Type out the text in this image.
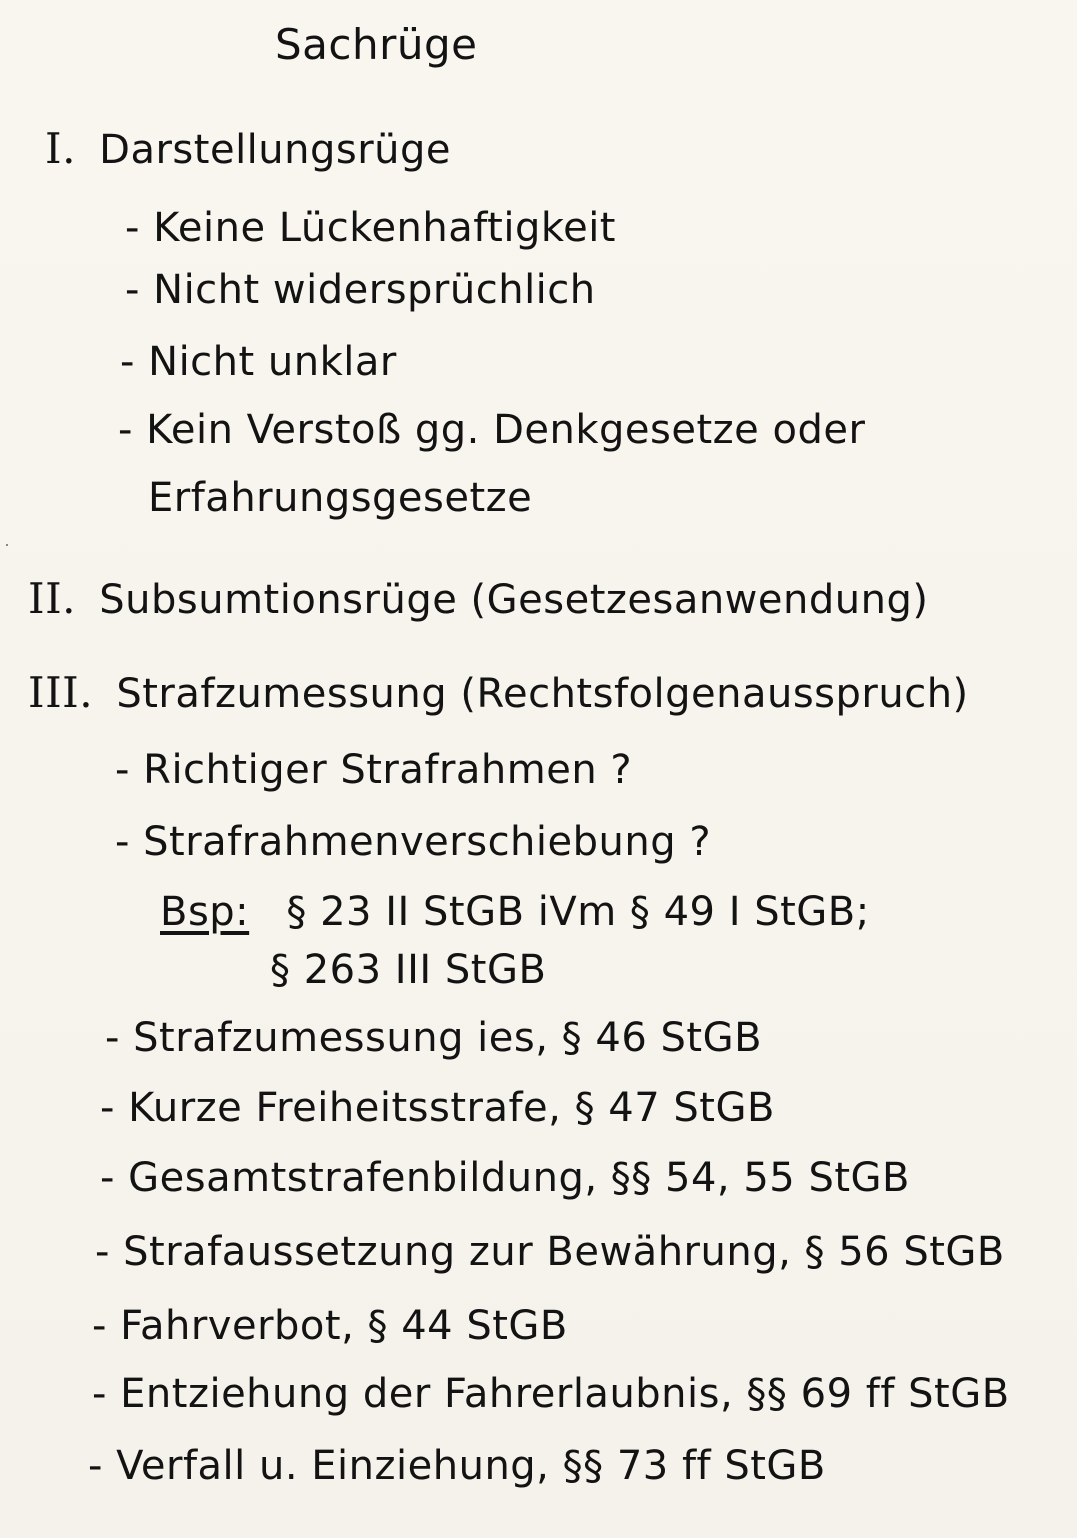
Sachrüge
I. Darstellungsrüge
- Keine Lückenhaftigkeit
- Nicht widersprüchlich
- Nicht unklar
- Kein Verstoß gg. Denkgesetze oder
Erfahrungsgesetze
II. Subsumtionsrüge (Gesetzesanwendung)
III. Strafzumessung (Rechtsfolgenausspruch)
- Richtiger Strafrahmen ?
- Strafrahmenverschiebung ?
Bsp: § 23 II StGB iVm § 49 I StGB;
§ 263 III StGB
- Strafzumessung ies, § 46 StGB
- Kurze Freiheitsstrafe, § 47 StGB
- Gesamtstrafenbildung, §§ 54, 55 StGB
- Strafaussetzung zur Bewährung, § 56 StGB
- Fahrverbot, § 44 StGB
- Entziehung der Fahrerlaubnis, §§ 69 ff StGB
- Verfall u. Einziehung, §§ 73 ff StGB
